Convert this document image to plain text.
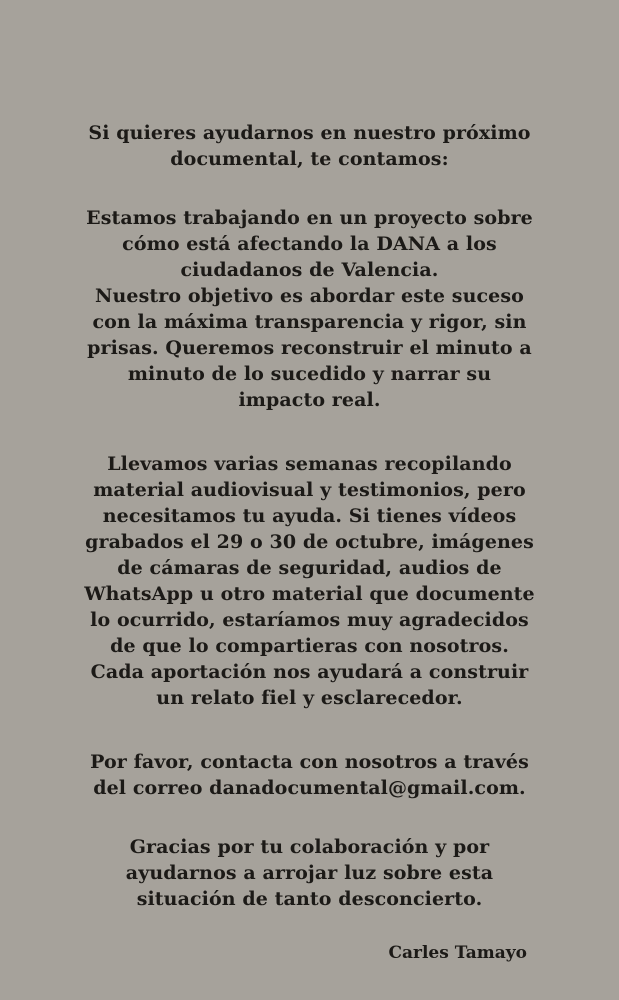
Si quieres ayudarnos en nuestro próximo
documental, te contamos:
Estamos trabajando en un proyecto sobre
cómo está afectando la DANA a los
ciudadanos de Valencia.
Nuestro objetivo es abordar este suceso
con la máxima transparencia y rigor, sin
prisas. Queremos reconstruir el minuto a
minuto de lo sucedido y narrar su
impacto real.
Llevamos varias semanas recopilando
material audiovisual y testimonios, pero
necesitamos tu ayuda. Si tienes vídeos
grabados el 29 o 30 de octubre, imágenes
de cámaras de seguridad, audios de
WhatsApp u otro material que documente
lo ocurrido, estaríamos muy agradecidos
de que lo compartieras con nosotros.
Cada aportación nos ayudará a construir
un relato fiel y esclarecedor.
Por favor, contacta con nosotros a través
del correo danadocumental@gmail.com.
Gracias por tu colaboración y por
ayudarnos a arrojar luz sobre esta
situación de tanto desconcierto.
Carles Tamayo
